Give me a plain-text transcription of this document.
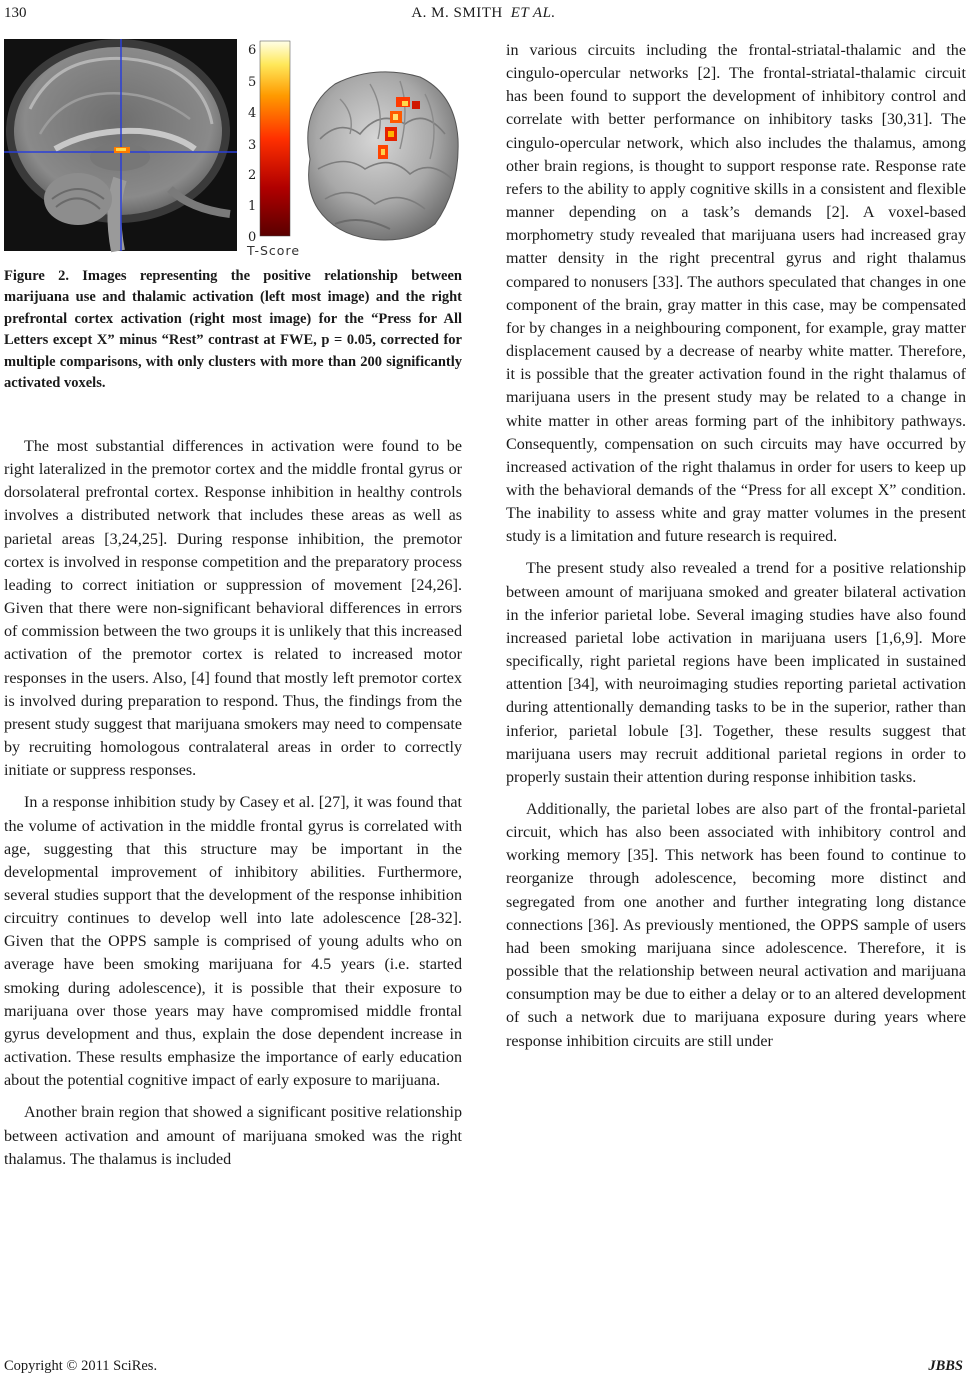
130	A. M. SMITH ET AL.
6
5
4
3
2
1
0
T-Score
Figure 2. Images representing the positive relationship between marijuana use and thalamic activation (left most image) and the right prefrontal cortex activation (right most image) for the “Press for All Letters except X” minus “Rest” contrast at FWE, p = 0.05, corrected for multiple comparisons, with only clusters with more than 200 significantly activated voxels.

The most substantial differences in activation were found to be right lateralized in the premotor cortex and the middle frontal gyrus or dorsolateral prefrontal cortex. Response inhibition in healthy controls involves a distributed network that includes these areas as well as parietal areas [3,24,25]. During response inhibition, the premotor cortex is involved in response competition and the preparatory process leading to correct initiation or suppression of movement [24,26]. Given that there were non-significant behavioral differences in errors of commission between the two groups it is unlikely that this increased activation of the premotor cortex is related to increased motor responses in the users. Also, [4] found that mostly left premotor cortex is involved during preparation to respond. Thus, the findings from the present study suggest that marijuana smokers may need to compensate by recruiting homologous contralateral areas in order to correctly initiate or suppress responses.

In a response inhibition study by Casey et al. [27], it was found that the volume of activation in the middle frontal gyrus is correlated with age, suggesting that this structure may be important in the developmental improvement of inhibitory abilities. Furthermore, several studies support that the development of the response inhibition circuitry continues to develop well into late adolescence [28-32]. Given that the OPPS sample is comprised of young adults who on average have been smoking marijuana for 4.5 years (i.e. started smoking during adolescence), it is possible that their exposure to marijuana over those years may have compromised middle frontal gyrus development and thus, explain the dose dependent increase in activation. These results emphasize the importance of early education about the potential cognitive impact of early exposure to marijuana.

Another brain region that showed a significant positive relationship between activation and amount of marijuana smoked was the right thalamus. The thalamus is included

in various circuits including the frontal-striatal-thalamic and the cingulo-opercular networks [2]. The frontal-striatal-thalamic circuit has been found to support the development of inhibitory control and correlate with better performance on inhibitory tasks [30,31]. The cingulo-opercular network, which also includes the thalamus, among other brain regions, is thought to support response rate. Response rate refers to the ability to apply cognitive skills in a consistent and flexible manner depending on a task’s demands [2]. A voxel-based morphometry study revealed that marijuana users had increased gray matter density in the right precentral gyrus and right thalamus compared to nonusers [33]. The authors speculated that changes in one component of the brain, gray matter in this case, may be compensated for by changes in a neighbouring component, for example, gray matter displacement caused by a decrease of nearby white matter. Therefore, it is possible that the greater activation found in the right thalamus of marijuana users in the present study may be related to a change in white matter in other areas forming part of the inhibitory pathways. Consequently, compensation on such circuits may have occurred by increased activation of the right thalamus in order for users to keep up with the behavioral demands of the “Press for all except X” condition. The inability to assess white and gray matter volumes in the present study is a limitation and future research is required.

The present study also revealed a trend for a positive relationship between amount of marijuana smoked and greater bilateral activation in the inferior parietal lobe. Several imaging studies have also found increased parietal lobe activation in marijuana users [1,6,9]. More specifically, right parietal regions have been implicated in sustained attention [34], with neuroimaging studies reporting parietal activation during attentionally demanding tasks to be in the superior, rather than inferior, parietal lobule [3]. Together, these results suggest that marijuana users may recruit additional parietal regions in order to properly sustain their attention during response inhibition tasks.

Additionally, the parietal lobes are also part of the frontal-parietal circuit, which has also been associated with inhibitory control and working memory [35]. This network has been found to continue to reorganize through adolescence, becoming more distinct and segregated from one another and further integrating long distance connections [36]. As previously mentioned, the OPPS sample of users had been smoking marijuana since adolescence. Therefore, it is possible that the relationship between neural activation and marijuana consumption may be due to either a delay or to an altered development of such a network due to marijuana exposure during years where response inhibition circuits are still under

Copyright © 2011 SciRes.	JBBS
